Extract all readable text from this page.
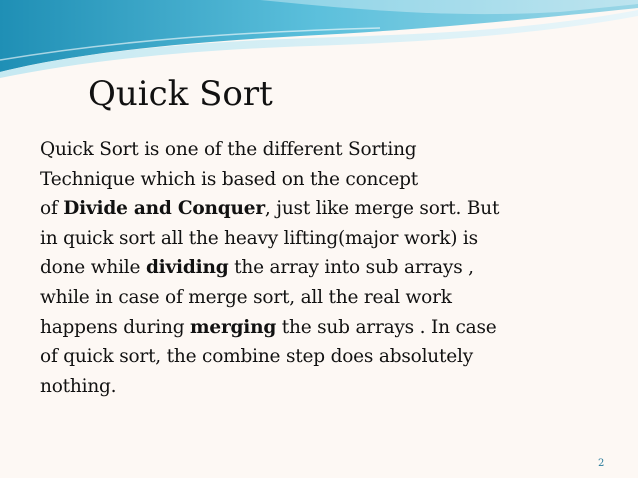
Quick Sort
Quick Sort is one of the different Sorting
Technique which is based on the concept
of Divide and Conquer, just like merge sort. But
in quick sort all the heavy lifting(major work) is
done while dividing the array into sub arrays ,
while in case of merge sort, all the real work
happens during merging the sub arrays . In case
of quick sort, the combine step does absolutely
nothing.
2
